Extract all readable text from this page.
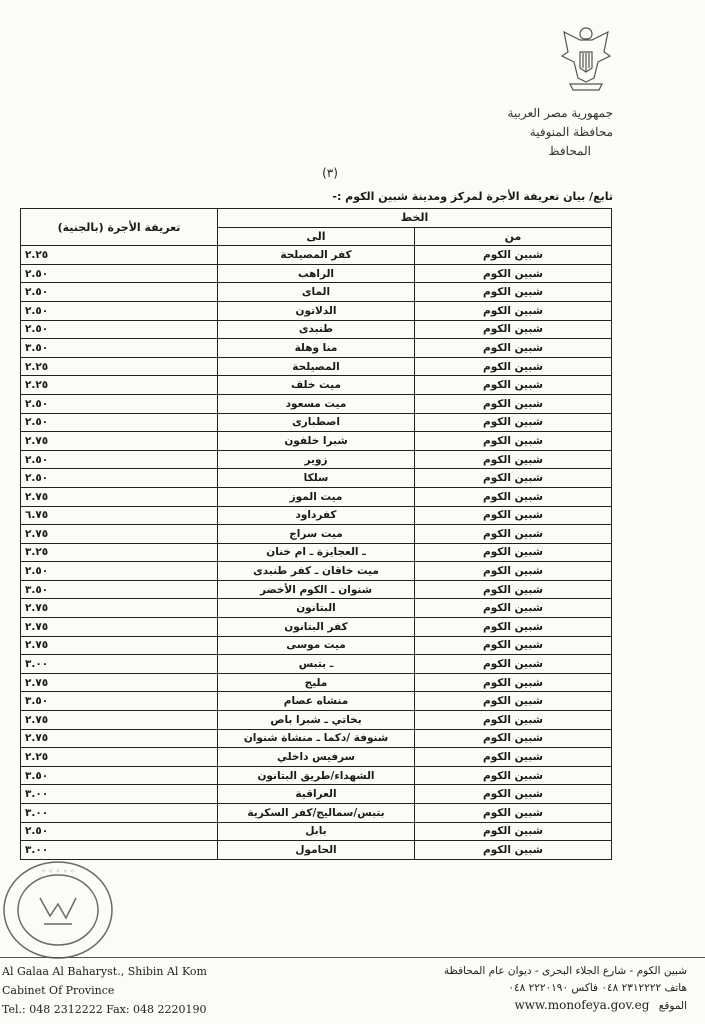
جمهورية مصر العربية
محافظة المنوفية
المحافظ
(٣)
تابع/ بيان تعريفة الأجرة لمركز ومدينة شبين الكوم :-
الخط		تعريفة الأجرة (بالجنية)
من	الى	
شبين الكوم	كفر المصيلحة	٢.٢٥
شبين الكوم	الراهب	٢.٥٠
شبين الكوم	الماى	٢.٥٠
شبين الكوم	الدلاتون	٢.٥٠
شبين الكوم	طنبدى	٢.٥٠
شبين الكوم	منا وهلة	٣.٥٠
شبين الكوم	المصيلحة	٢.٢٥
شبين الكوم	ميت خلف	٢.٢٥
شبين الكوم	ميت مسعود	٢.٥٠
شبين الكوم	اصطبارى	٢.٥٠
شبين الكوم	شبرا خلفون	٢.٧٥
شبين الكوم	زوير	٢.٥٠
شبين الكوم	سلكا	٢.٥٠
شبين الكوم	ميت الموز	٢.٧٥
شبين الكوم	كفرداود	٦.٧٥
شبين الكوم	ميت سراج	٢.٧٥
شبين الكوم	ـ العجايزة ـ ام خنان	٣.٢٥
شبين الكوم	ميت خاقان ـ كفر طنبدى	٢.٥٠
شبين الكوم	شنوان ـ الكوم الأخضر	٣.٥٠
شبين الكوم	البتانون	٢.٧٥
شبين الكوم	كفر البتانون	٢.٧٥
شبين الكوم	ميت موسى	٢.٧٥
شبين الكوم	ـ بتبس	٣.٠٠
شبين الكوم	مليج	٢.٧٥
شبين الكوم	منشاه عصام	٣.٥٠
شبين الكوم	بخاتي ـ شبرا باص	٢.٧٥
شبين الكوم	شنوفة /دكما ـ منشاة شنوان	٢.٧٥
شبين الكوم	سرفيس داخلي	٢.٢٥
شبين الكوم	الشهداء/طريق البتانون	٣.٥٠
شبين الكوم	العراقية	٣.٠٠
شبين الكوم	بتبس/سماليج/كفر السكرية	٣.٠٠
شبين الكوم	بابل	٢.٥٠
شبين الكوم	الحامول	٣.٠٠
◦ ◦ ◦ ◦ ◦
Al Galaa Al Baharyst., Shibin Al Kom
Cabinet Of Province
Tel.: 048 2312222 Fax: 048 2220190
شبين الكوم - شارع الجلاء البحرى - ديوان عام المحافظة
هاتف ٢٣١٢٢٢٢ ٠٤٨ فاكس ٢٢٢٠١٩٠ ٠٤٨
الموقع www.monofeya.gov.eg
